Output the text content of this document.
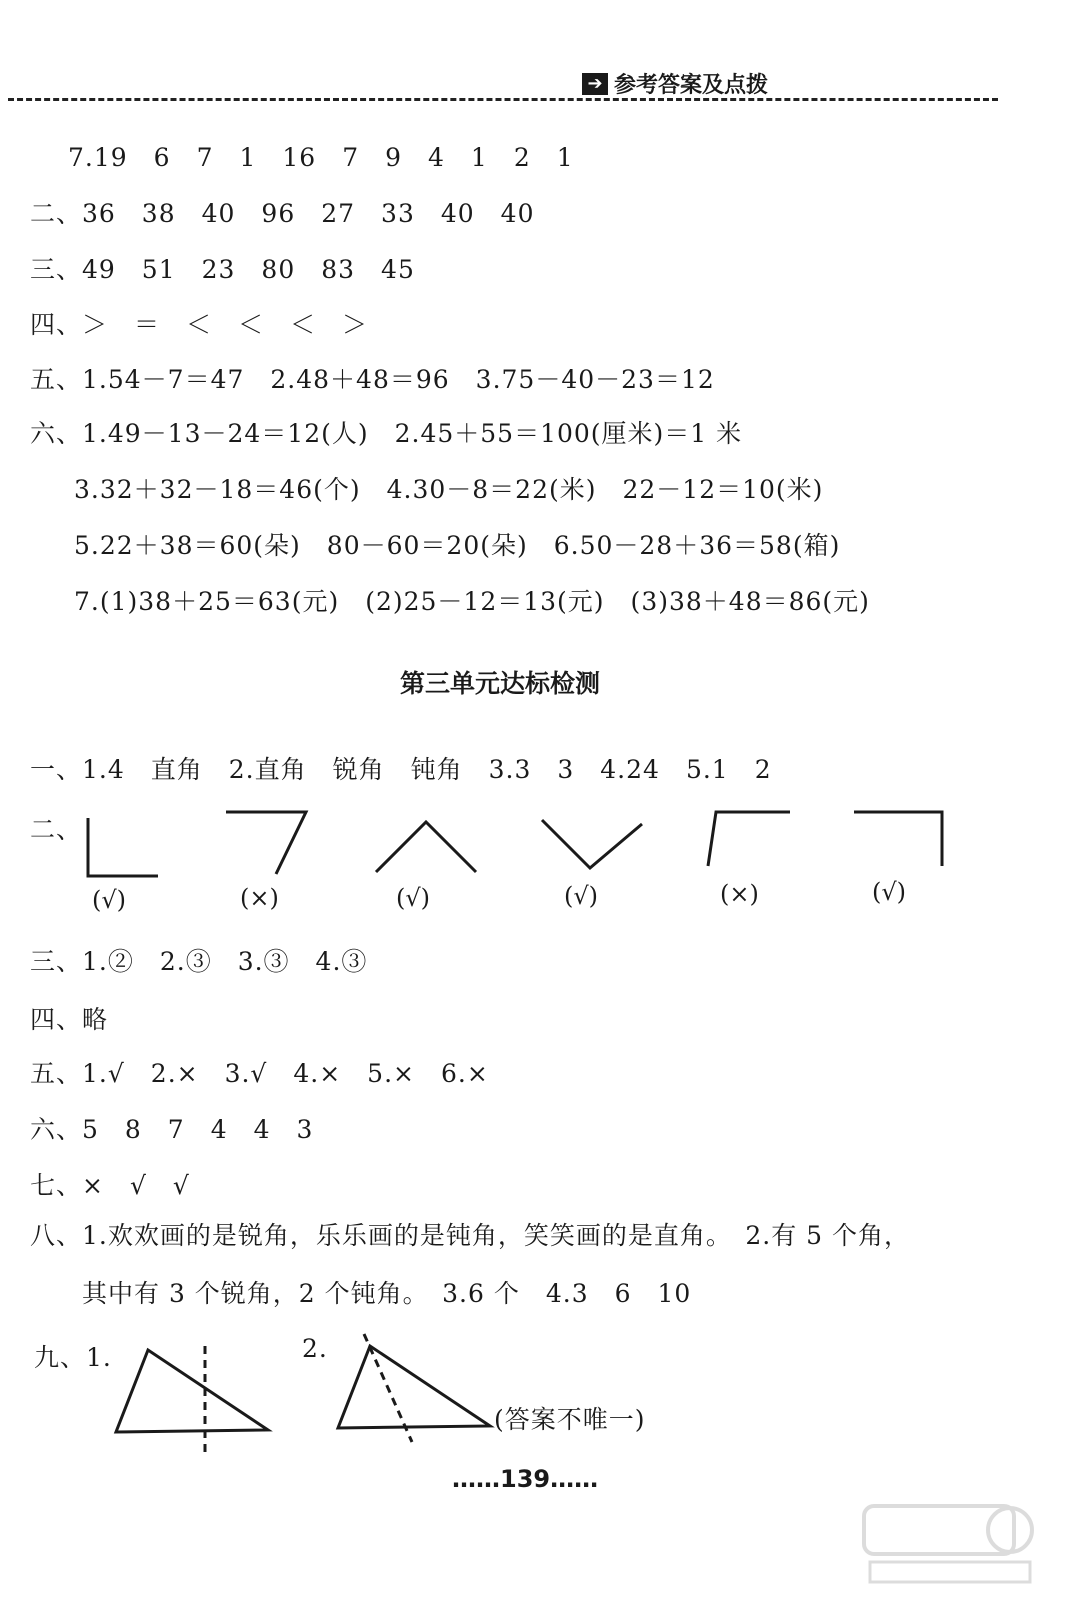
➔ 参考答案及点拨
7.19　6　7　1　16　7　9　4　1　2　1
二、36　38　40　96　27　33　40　40
三、49　51　23　80　83　45
四、＞　＝　＜　＜　＜　＞
五、1.54－7＝47　2.48＋48＝96　3.75－40－23＝12
六、1.49－13－24＝12(人)　2.45＋55＝100(厘米)＝1 米
3.32＋32－18＝46(个)　4.30－8＝22(米)　22－12＝10(米)
5.22＋38＝60(朵)　80－60＝20(朵)　6.50－28＋36＝58(箱)
7.(1)38＋25＝63(元)　(2)25－12＝13(元)　(3)38＋48＝86(元)
第三单元达标检测
一、1.4　直角　2.直角　锐角　钝角　3.3　3　4.24　5.1　2
二、
(√)	(×)	(√)	(√)	(×)	(√)
三、1.②　2.③　3.③　4.③
四、略
五、1.√　2.×　3.√　4.×　5.×　6.×
六、5　8　7　4　4　3
七、×　√　√
八、1.欢欢画的是锐角，乐乐画的是钝角，笑笑画的是直角。　2.有 5 个角，
其中有 3 个锐角，2 个钝角。　3.6 个　4.3　6　10
九、1.	2.
(答案不唯一)
……139……
